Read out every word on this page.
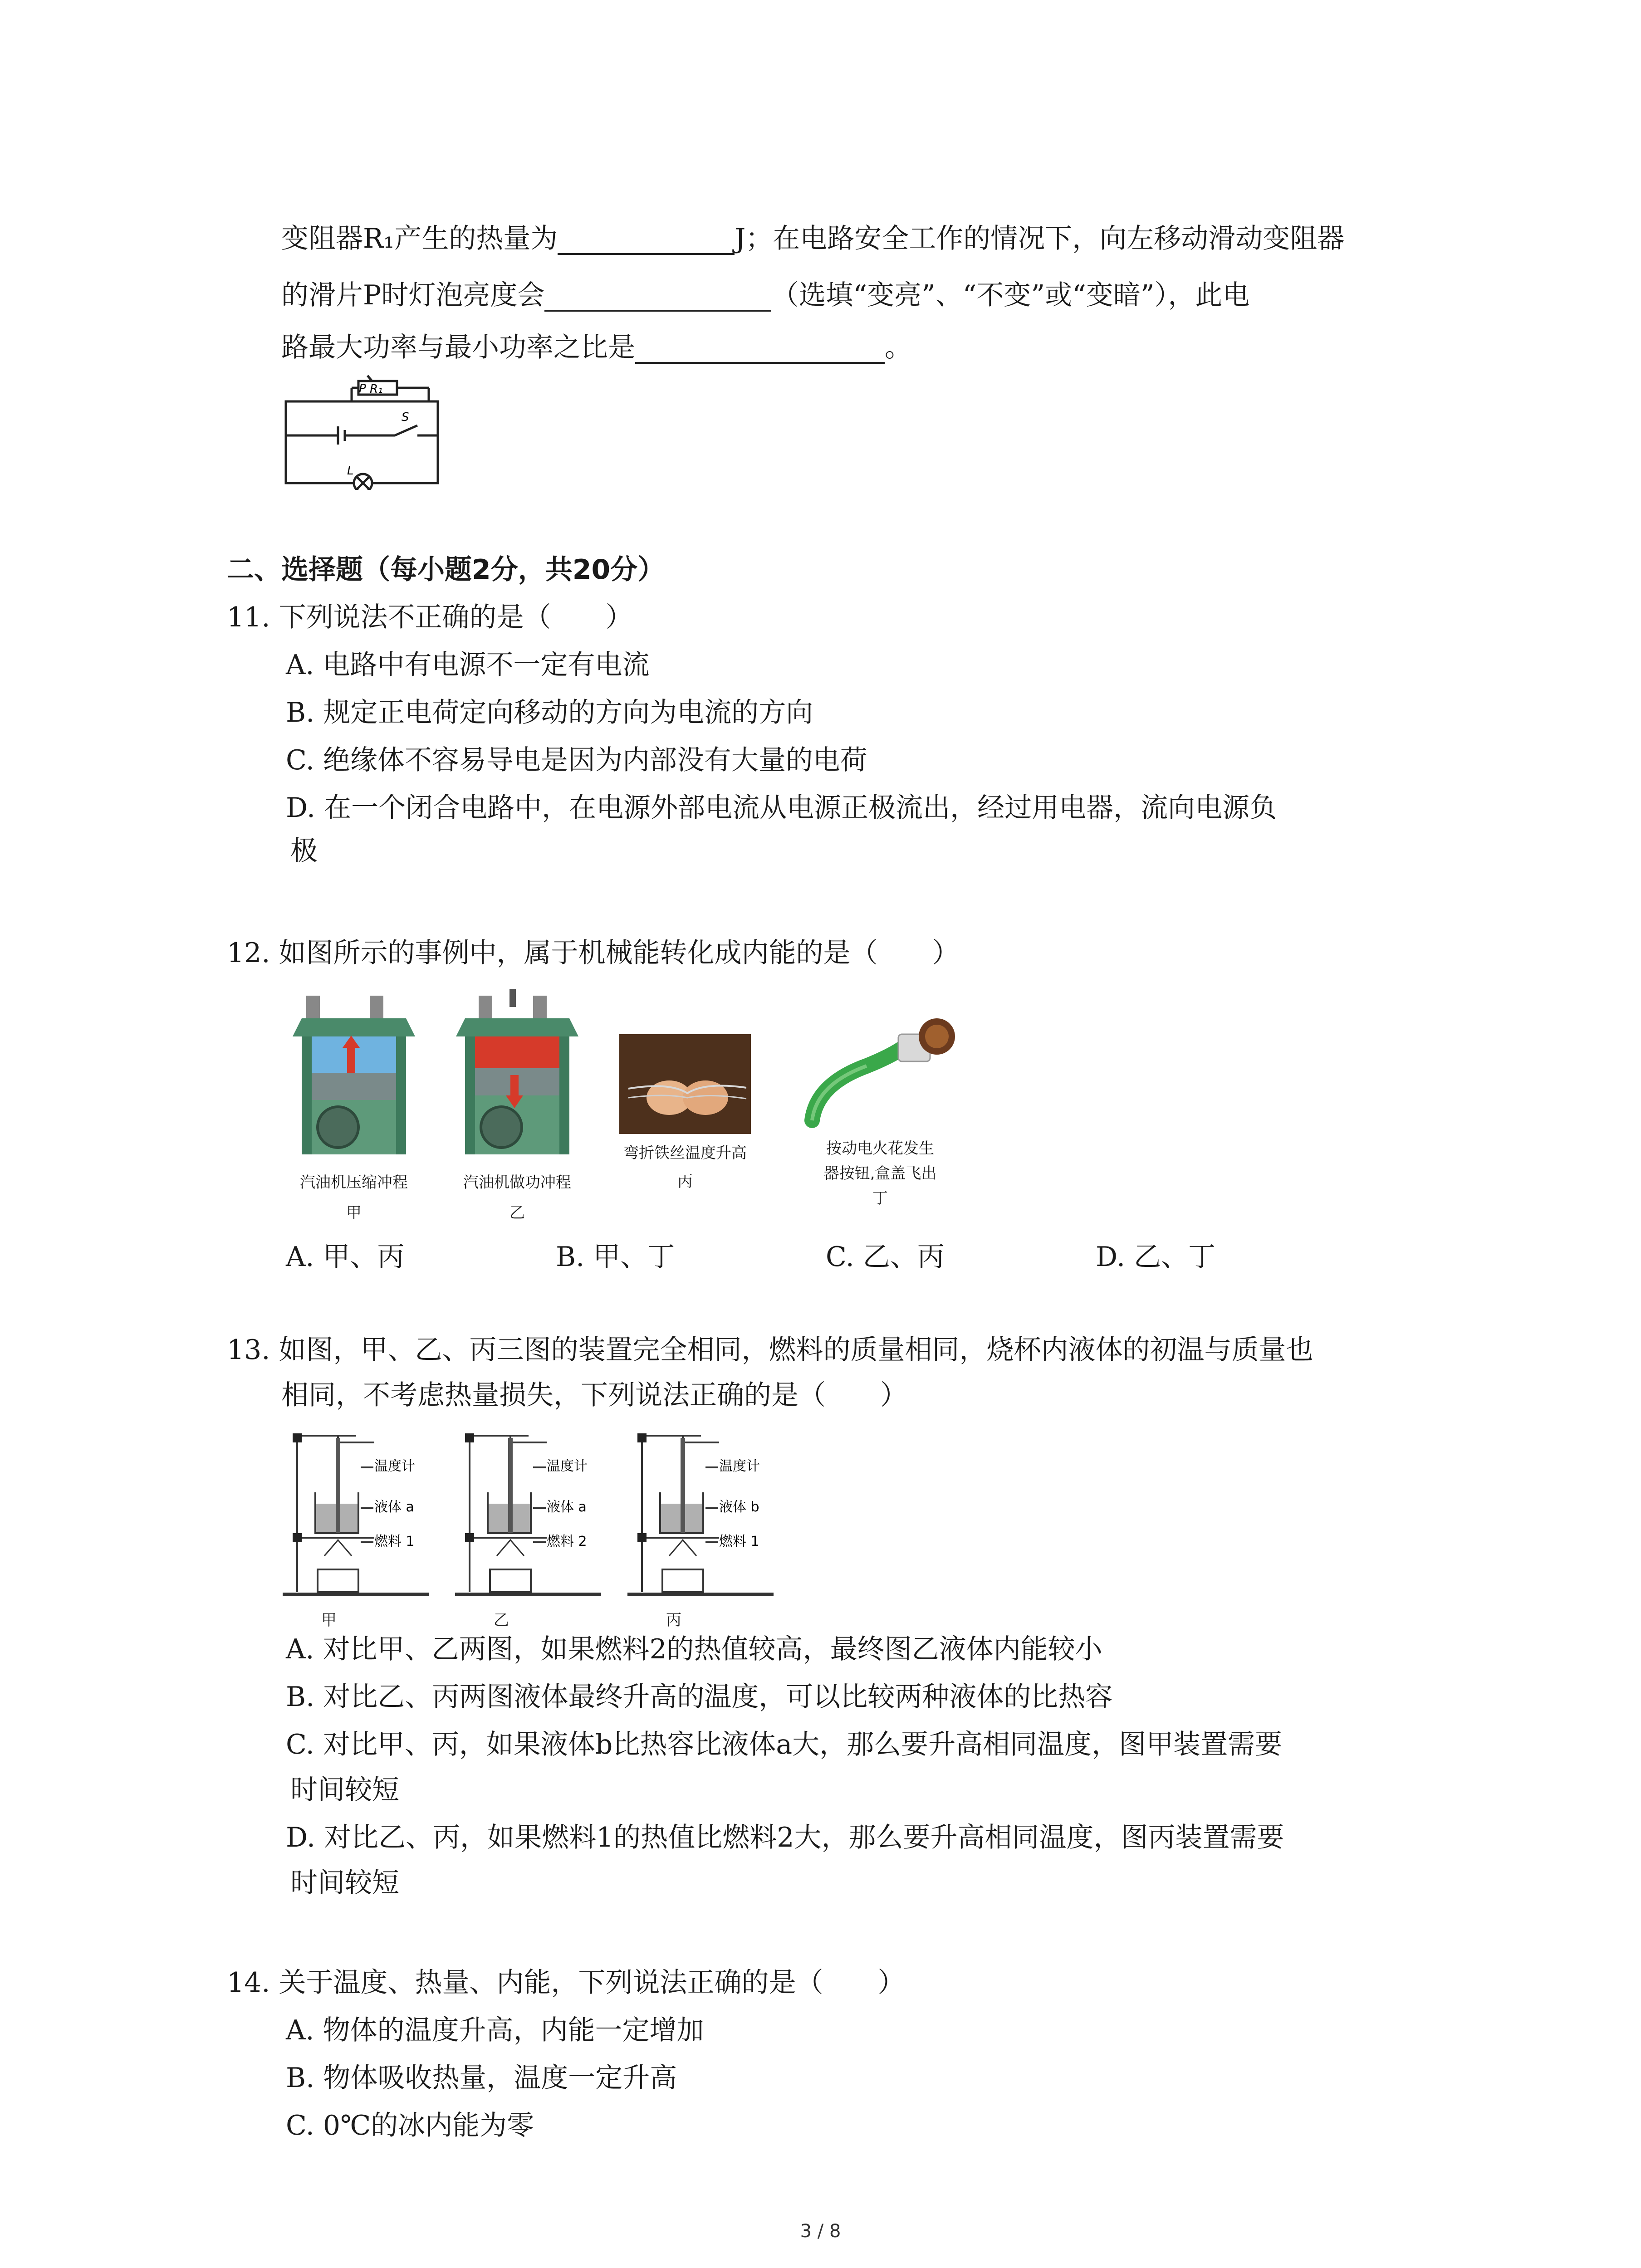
变阻器R₁产生的热量为	J；在电路安全工作的情况下，向左移动滑动变阻器
的滑片P时灯泡亮度会	（选填“变亮”、“不变”或“变暗”），此电
路最大功率与最小功率之比是	。
P R₁
S
L
二、选择题（每小题2分，共20分）
11. 下列说法不正确的是（　　）
A. 电路中有电源不一定有电流
B. 规定正电荷定向移动的方向为电流的方向
C. 绝缘体不容易导电是因为内部没有大量的电荷
D. 在一个闭合电路中，在电源外部电流从电源正极流出，经过用电器，流向电源负
极
12. 如图所示的事例中，属于机械能转化成内能的是（　　）
汽油机压缩冲程
甲
汽油机做功冲程
乙
弯折铁丝温度升高
丙
按动电火花发生
器按钮,盒盖飞出
丁
A. 甲、丙	B. 甲、丁	C. 乙、丙	D. 乙、丁
13. 如图，甲、乙、丙三图的装置完全相同，燃料的质量相同，烧杯内液体的初温与质量也
相同，不考虑热量损失，下列说法正确的是（　　）
温度计
液体 a
燃料 1
甲
温度计
液体 a
燃料 2
乙
温度计
液体 b
燃料 1
丙
A. 对比甲、乙两图，如果燃料2的热值较高，最终图乙液体内能较小
B. 对比乙、丙两图液体最终升高的温度，可以比较两种液体的比热容
C. 对比甲、丙，如果液体b比热容比液体a大，那么要升高相同温度，图甲装置需要
时间较短
D. 对比乙、丙，如果燃料1的热值比燃料2大，那么要升高相同温度，图丙装置需要
时间较短
14. 关于温度、热量、内能，下列说法正确的是（　　）
A. 物体的温度升高，内能一定增加
B. 物体吸收热量，温度一定升高
C. 0℃的冰内能为零
3 / 8
